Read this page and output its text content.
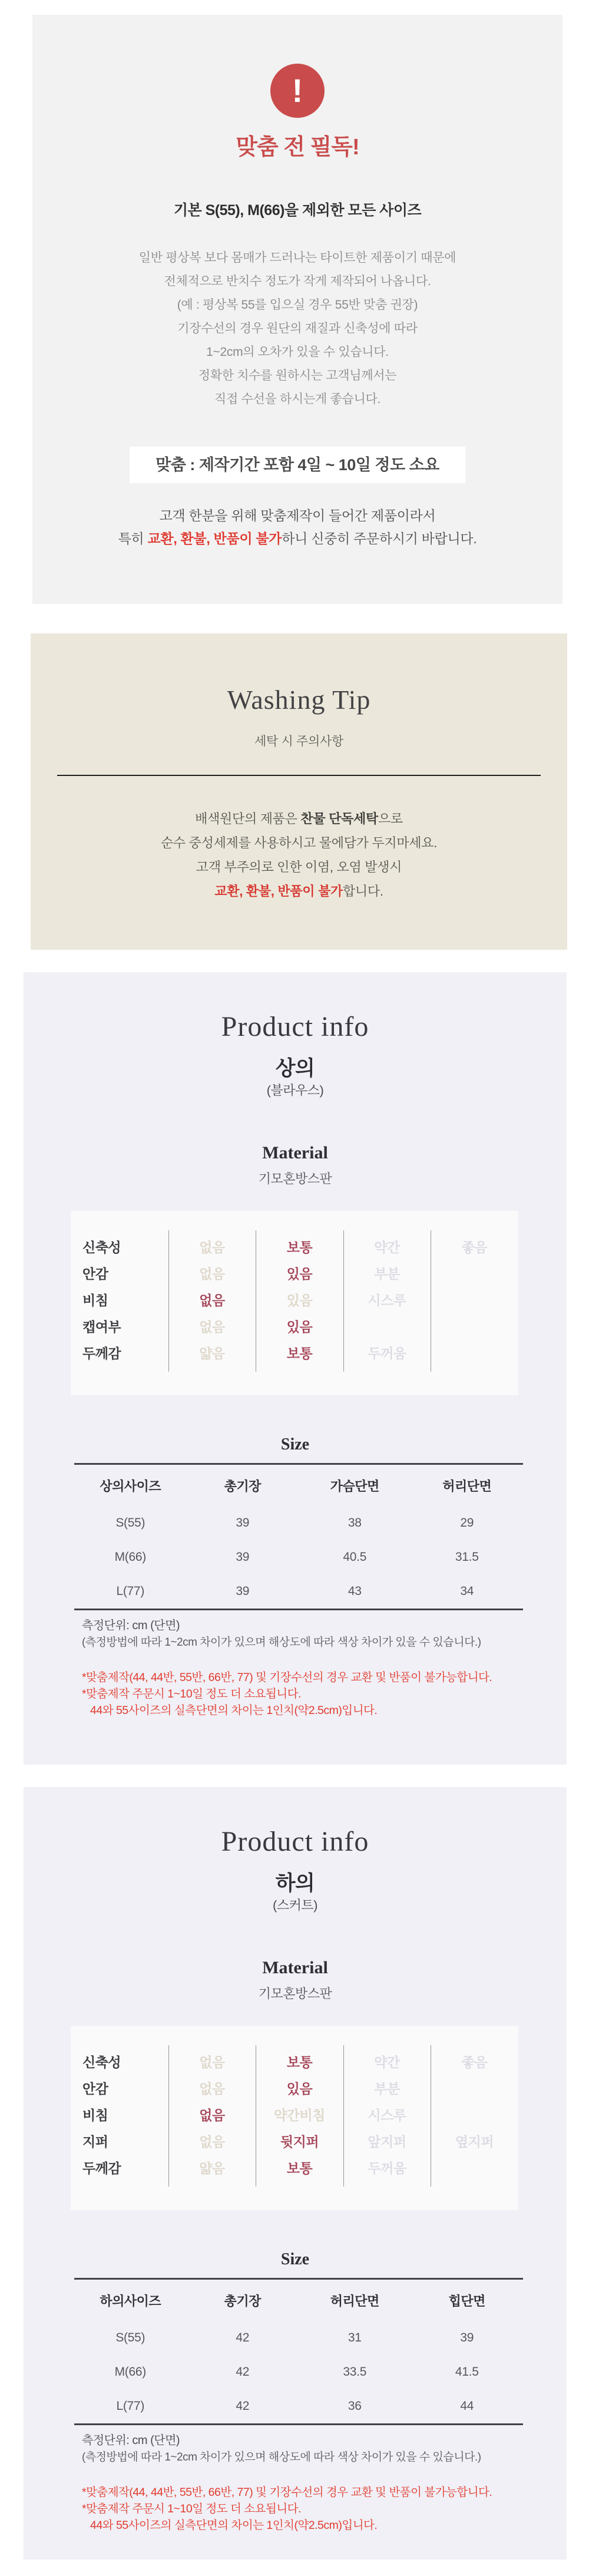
!
맞춤 전 필독!
기본 S(55), M(66)을 제외한 모든 사이즈
일반 평상복 보다 몸매가 드러나는 타이트한 제품이기 때문에
전체적으로 반치수 정도가 작게 제작되어 나옵니다.
(예 : 평상복 55를 입으실 경우 55반 맞춤 권장)
기장수선의 경우 원단의 재질과 신축성에 따라
1~2cm의 오차가 있을 수 있습니다.
정확한 치수를 원하시는 고객님께서는
직접 수선을 하시는게 좋습니다.
맞춤 : 제작기간 포함 4일 ~ 10일 정도 소요

고객 한분을 위해 맞춤제작이 들어간 제품이라서

특히 교환, 환불, 반품이 불가하니 신중히 주문하시기 바랍니다.

Washing Tip

세탁 시 주의사항

배색원단의 제품은 찬물 단독세탁으로

순수 중성세제를 사용하시고 물에담가 두지마세요.

고객 부주의로 인한 이염, 오염 발생시

교환, 환불, 반품이 불가합니다.

Product info
상의
(블라우스)
Material
기모혼방스판
신축성	없음	보통	약간	좋음
안감	없음	있음	부분
비침	없음	있음	시스루
캡여부	없음	있음
두께감	얇음	보통	두꺼움
Size
상의사이즈	총기장	가슴단면	허리단면
S(55)	39	38	29
M(66)	39	40.5	31.5
L(77)	39	43	34
측정단위: cm (단면)
(측정방법에 따라 1~2cm 차이가 있으며 해상도에 따라 색상 차이가 있을 수 있습니다.)
*맞춤제작(44, 44반, 55반, 66반, 77) 및 기장수선의 경우 교환 및 반품이 불가능합니다.
*맞춤제작 주문시 1~10일 정도 더 소요됩니다.
44와 55사이즈의 실측단면의 차이는 1인치(약2.5cm)입니다.
Product info
하의
(스커트)
Material
기모혼방스판
신축성	없음	보통	약간	좋음
안감	없음	있음	부분
비침	없음	약간비침	시스루
지퍼	없음	뒷지퍼	앞지퍼	옆지퍼
두께감	얇음	보통	두꺼움
Size
하의사이즈	총기장	허리단면	힙단면
S(55)	42	31	39
M(66)	42	33.5	41.5
L(77)	42	36	44
측정단위: cm (단면)
(측정방법에 따라 1~2cm 차이가 있으며 해상도에 따라 색상 차이가 있을 수 있습니다.)
*맞춤제작(44, 44반, 55반, 66반, 77) 및 기장수선의 경우 교환 및 반품이 불가능합니다.
*맞춤제작 주문시 1~10일 정도 더 소요됩니다.
44와 55사이즈의 실측단면의 차이는 1인치(약2.5cm)입니다.
